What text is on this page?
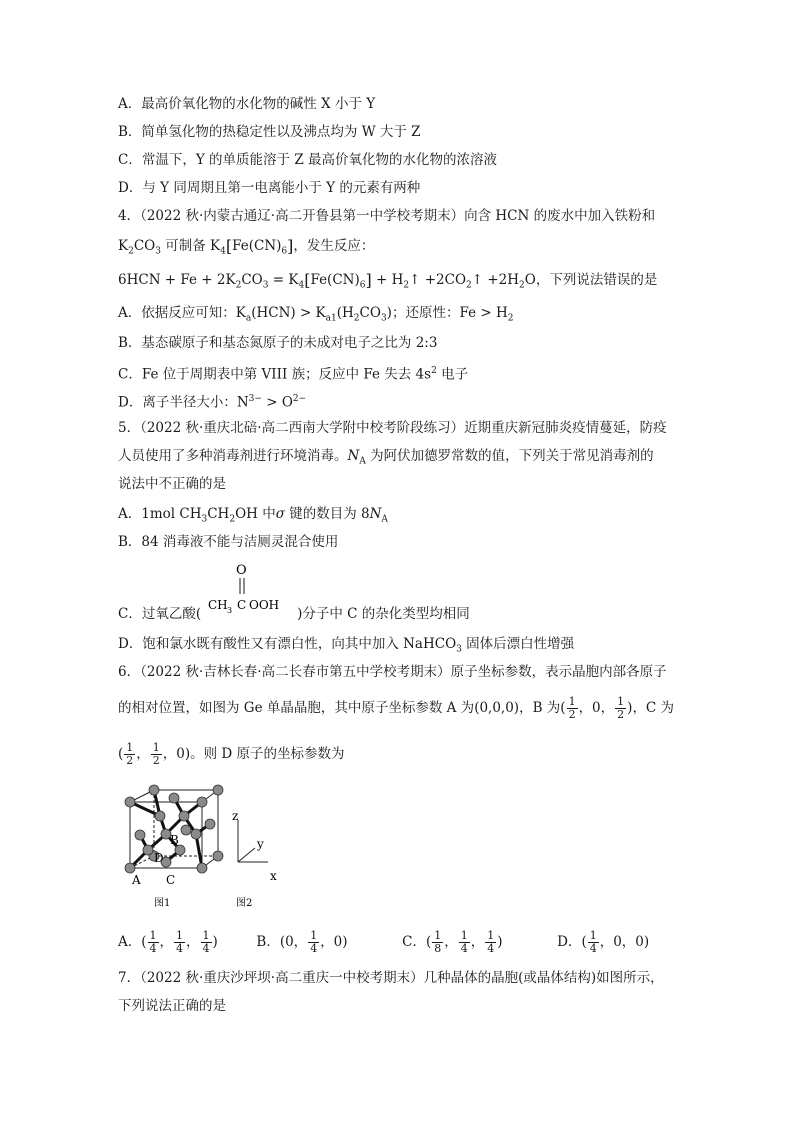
A．最高价氧化物的水化物的碱性 X 小于 Y
B．简单氢化物的热稳定性以及沸点均为 W 大于 Z
C．常温下，Y 的单质能溶于 Z 最高价氧化物的水化物的浓溶液
D．与 Y 同周期且第一电离能小于 Y 的元素有两种
4．（2022 秋·内蒙古通辽·高二开鲁县第一中学校考期末）向含 HCN 的废水中加入铁粉和
$K_2CO_3$ 可制备 $K_4[Fe(CN)_6]$，发生反应：
$6HCN + Fe + 2K_2CO_3 = K_4[Fe(CN)_6]$ + $H_2↑$ $+2CO_2↑ +2H_2O$，下列说法错误的是
A．依据反应可知：$K_a(HCN) > K_{a1}(H_2CO_3)$；还原性：$Fe > H_2$
B．基态碳原子和基态氮原子的未成对电子之比为 2:3
C．Fe 位于周期表中第 VIII 族；反应中 Fe 失去 $4s^2$ 电子
D．离子半径大小：$N^{3-} > O^{2-}$
5．（2022 秋·重庆北碚·高二西南大学附中校考阶段练习）近期重庆新冠肺炎疫情蔓延，防疫
人员使用了多种消毒剂进行环境消毒。$N_A$ 为阿伏加德罗常数的值，下列关于常见消毒剂的
说法中不正确的是
A．1mol $CH_3CH_2OH$ 中σ 键的数目为 $8N_A$
B．84 消毒液不能与洁厕灵混合使用
O
CH 3 C OOH
C．过氧乙酸(	)分子中 C 的杂化类型均相同
D．饱和氯水既有酸性又有漂白性，向其中加入 NaHCO$_3$ 固体后漂白性增强
6．（2022 秋·吉林长春·高二长春市第五中学校考期末）原子坐标参数，表示晶胞内部各原子
的相对位置，如图为 Ge 单晶晶胞，其中原子坐标参数 A 为(0,0,0)，B 为( $\frac{1}{2}$ ，0， $\frac{1}{2}$ )，C 为
( $\frac{1}{2}$ ， $\frac{1}{2}$ ，0)。则 D 原子的坐标参数为
A C
B
D
图1
z
y
x
图2
A．( $\frac{1}{4}$ ， $\frac{1}{4}$ ， $\frac{1}{4}$ )	B．(0， $\frac{1}{4}$ ，0)	C．( $\frac{1}{8}$ ， $\frac{1}{4}$ ， $\frac{1}{4}$ )	D．( $\frac{1}{4}$ ，0，0)
7．（2022 秋·重庆沙坪坝·高二重庆一中校考期末）几种晶体的晶胞(或晶体结构)如图所示，
下列说法正确的是
